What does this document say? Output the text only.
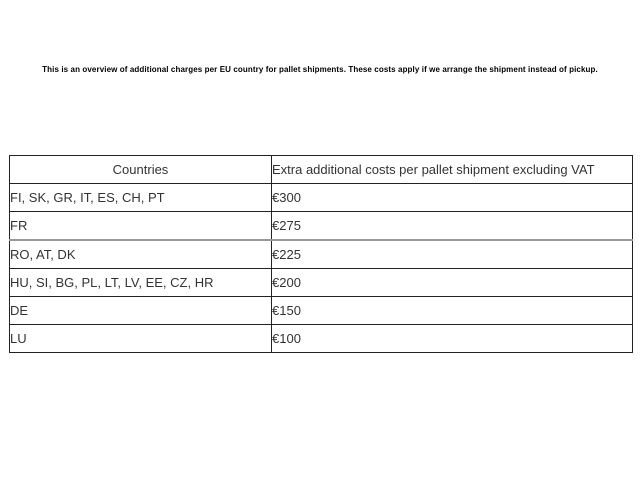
This is an overview of additional charges per EU country for pallet shipments. These costs apply if we arrange the shipment instead of pickup.
Countries	Extra additional costs per pallet shipment excluding VAT
FI, SK, GR, IT, ES, CH, PT	€300
FR	€275
RO, AT, DK	€225
HU, SI, BG, PL, LT, LV, EE, CZ, HR	€200
DE	€150
LU	€100
